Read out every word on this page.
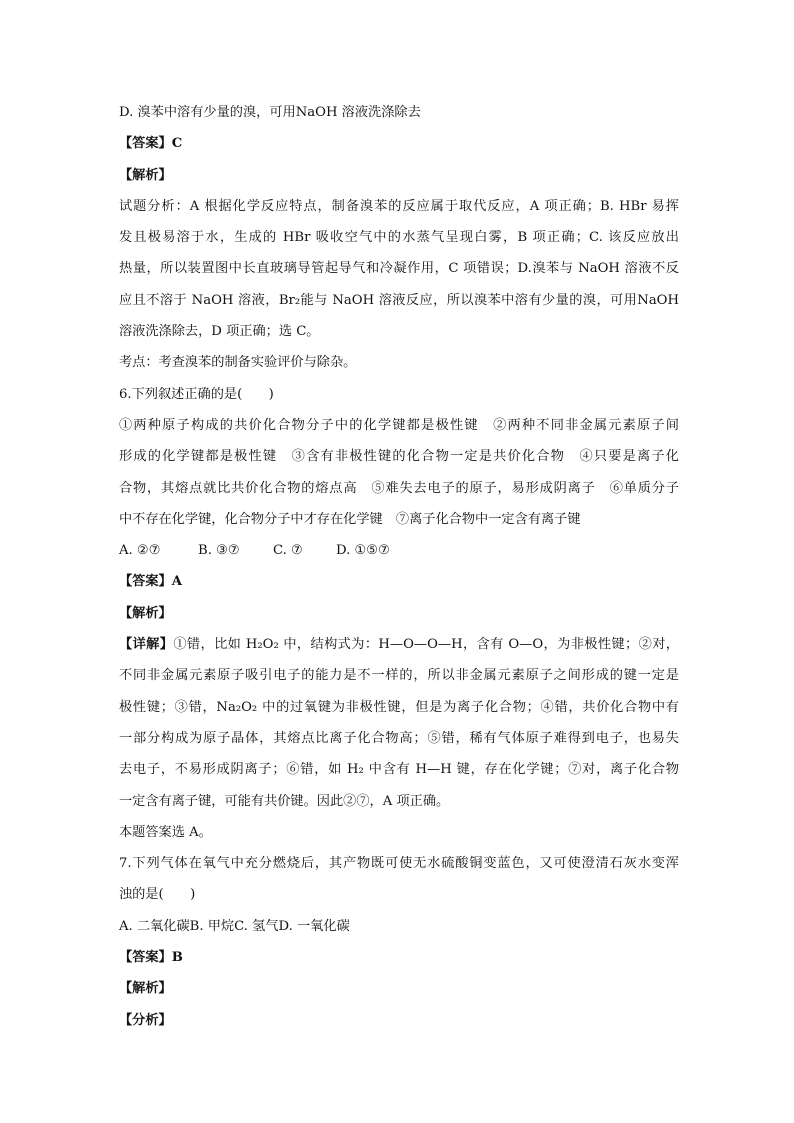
D. 溴苯中溶有少量的溴，可用NaOH 溶液洗涤除去
【答案】C
【解析】
试题分析：A 根据化学反应特点，制备溴苯的反应属于取代反应，A 项正确；B. HBr 易挥
发且极易溶于水，生成的 HBr 吸收空气中的水蒸气呈现白雾，B 项正确；C. 该反应放出
热量，所以装置图中长直玻璃导管起导气和冷凝作用，C 项错误；D.溴苯与 NaOH 溶液不反
应且不溶于 NaOH 溶液，Br₂能与 NaOH 溶液反应，所以溴苯中溶有少量的溴，可用NaOH
溶液洗涤除去，D 项正确；选 C。
考点：考查溴苯的制备实验评价与除杂。
6.下列叙述正确的是(　　)
①两种原子构成的共价化合物分子中的化学键都是极性键　②两种不同非金属元素原子间
形成的化学键都是极性键　③含有非极性键的化合物一定是共价化合物　④只要是离子化
合物，其熔点就比共价化合物的熔点高　⑤难失去电子的原子，易形成阴离子　⑥单质分子
中不存在化学键，化合物分子中才存在化学键　⑦离子化合物中一定含有离子键
A. ②⑦	B. ③⑦	C. ⑦	D. ①⑤⑦
【答案】A
【解析】
【详解】①错，比如 H₂O₂ 中，结构式为：H—O—O—H，含有 O—O，为非极性键；②对，
不同非金属元素原子吸引电子的能力是不一样的，所以非金属元素原子之间形成的键一定是
极性键；③错，Na₂O₂ 中的过氧键为非极性键，但是为离子化合物；④错，共价化合物中有
一部分构成为原子晶体，其熔点比离子化合物高；⑤错，稀有气体原子难得到电子，也易失
去电子，不易形成阴离子；⑥错，如 H₂ 中含有 H—H 键，存在化学键；⑦对，离子化合物
一定含有离子键，可能有共价键。因此②⑦，A 项正确。
本题答案选 A。
7.下列气体在氧气中充分燃烧后，其产物既可使无水硫酸铜变蓝色，又可使澄清石灰水变浑
浊的是(　　)
A. 二氧化碳B. 甲烷C. 氢气D. 一氧化碳
【答案】B
【解析】
【分析】
